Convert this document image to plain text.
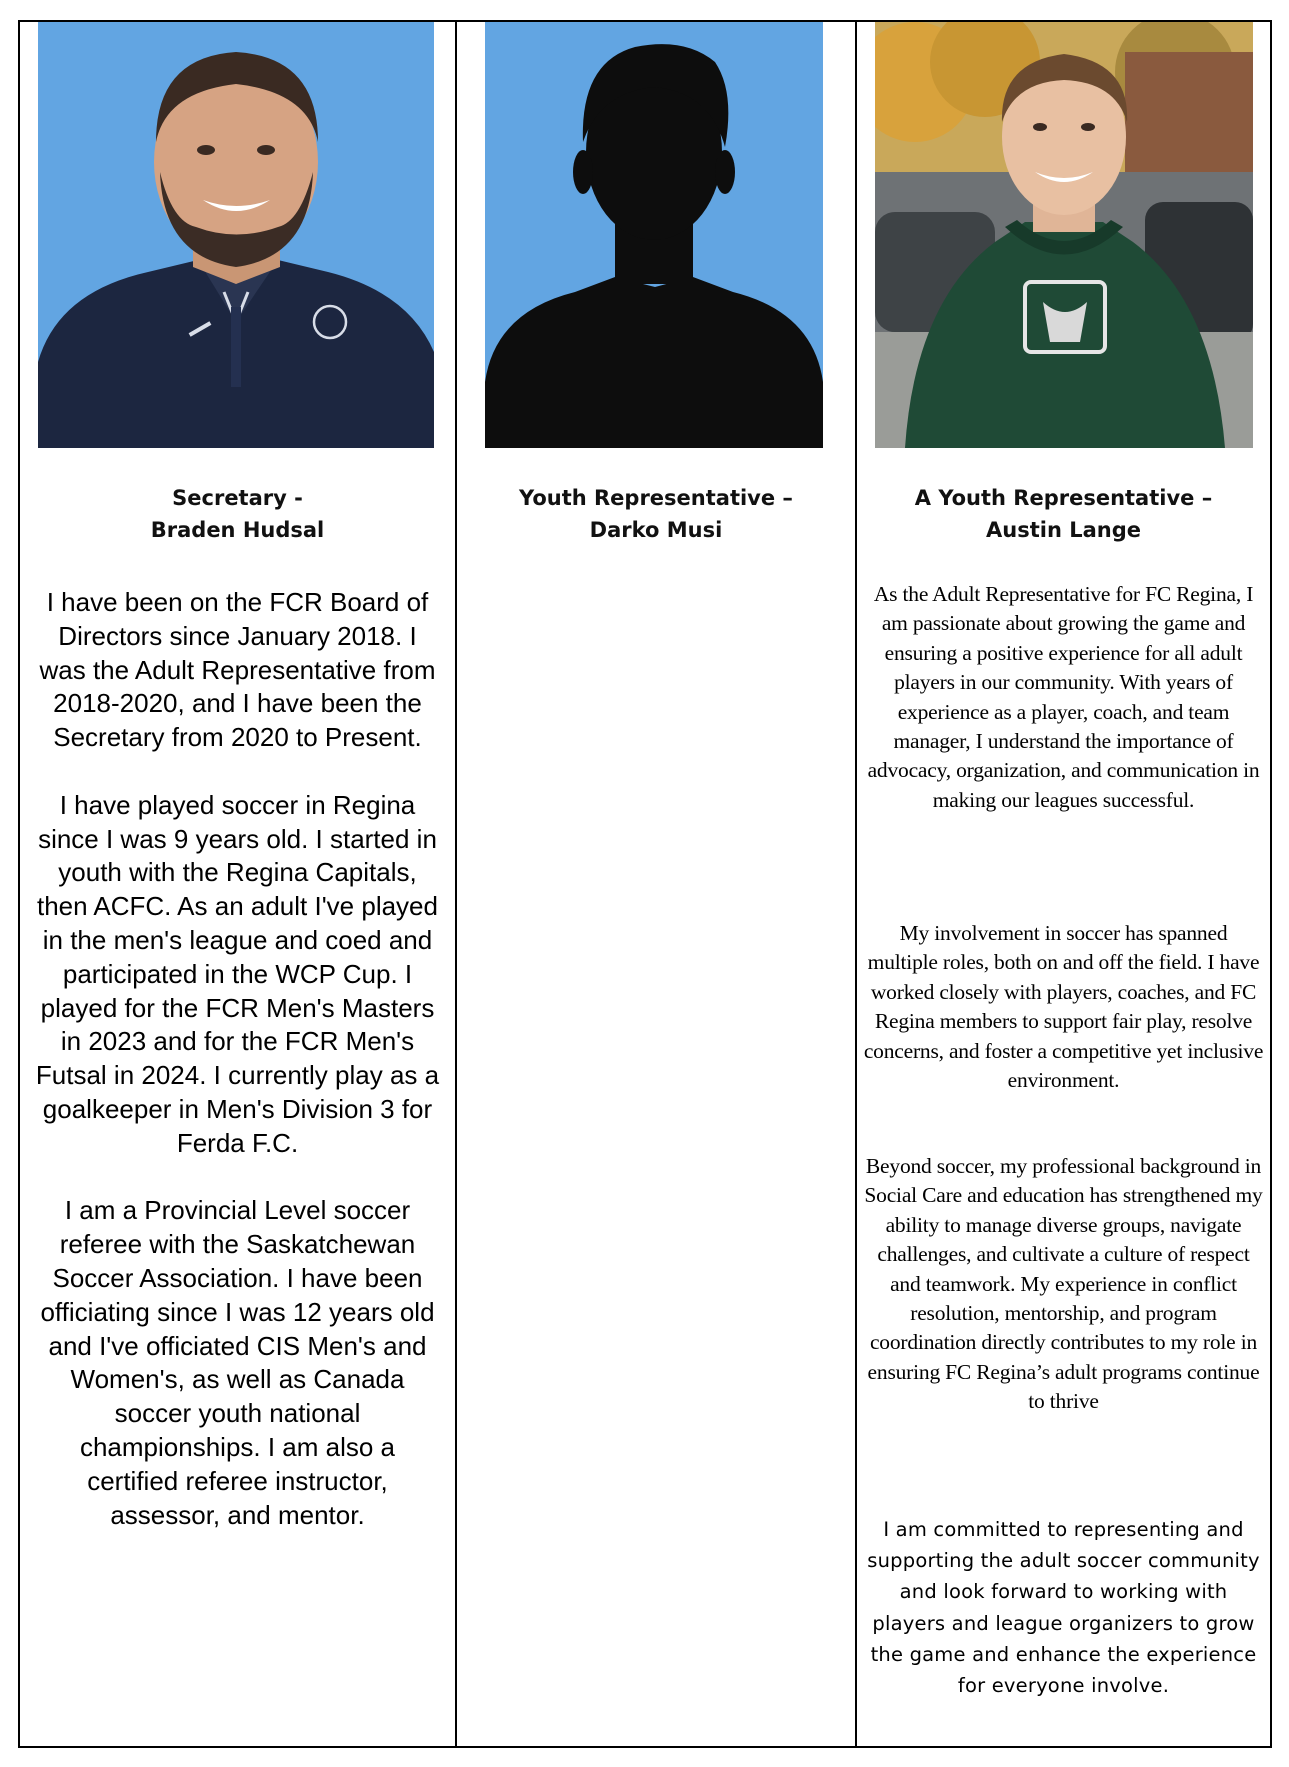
Secretary -
Braden Hudsal

I have been on the FCR Board of Directors since January 2018. I was the Adult Representative from 2018-2020, and I have been the Secretary from 2020 to Present.

I have played soccer in Regina since I was 9 years old. I started in youth with the Regina Capitals, then ACFC. As an adult I've played in the men's league and coed and participated in the WCP Cup. I played for the FCR Men's Masters in 2023 and for the FCR Men's Futsal in 2024. I currently play as a goalkeeper in Men's Division 3 for Ferda F.C.

I am a Provincial Level soccer referee with the Saskatchewan Soccer Association. I have been officiating since I was 12 years old and I've officiated CIS Men's and Women's, as well as Canada soccer youth national championships. I am also a certified referee instructor, assessor, and mentor.

Youth Representative –
Darko Musi
A Youth Representative –
Austin Lange

As the Adult Representative for FC Regina, I am passionate about growing the game and ensuring a positive experience for all adult players in our community. With years of experience as a player, coach, and team manager, I understand the importance of advocacy, organization, and communication in making our leagues successful.

My involvement in soccer has spanned multiple roles, both on and off the field. I have worked closely with players, coaches, and FC Regina members to support fair play, resolve concerns, and foster a competitive yet inclusive environment.

Beyond soccer, my professional background in Social Care and education has strengthened my ability to manage diverse groups, navigate challenges, and cultivate a culture of respect and teamwork. My experience in conflict resolution, mentorship, and program coordination directly contributes to my role in ensuring FC Regina’s adult programs continue to thrive

I am committed to representing and supporting the adult soccer community and look forward to working with players and league organizers to grow the game and enhance the experience for everyone involve.
